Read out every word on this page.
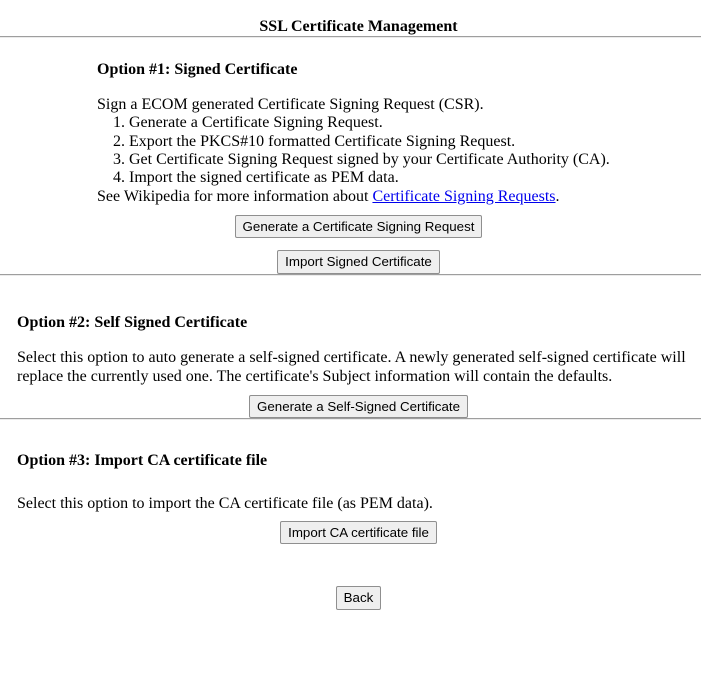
SSL Certificate Management
Option #1: Signed Certificate
Sign a ECOM generated Certificate Signing Request (CSR).
1. Generate a Certificate Signing Request.
2. Export the PKCS#10 formatted Certificate Signing Request.
3. Get Certificate Signing Request signed by your Certificate Authority (CA).
4. Import the signed certificate as PEM data.
See Wikipedia for more information about Certificate Signing Requests.
Generate a Certificate Signing Request
Import Signed Certificate
Option #2: Self Signed Certificate
Select this option to auto generate a self-signed certificate. A newly generated self-signed certificate will replace the currently used one. The certificate's Subject information will contain the defaults.
Generate a Self-Signed Certificate
Option #3: Import CA certificate file
Select this option to import the CA certificate file (as PEM data).
Import CA certificate file
Back
